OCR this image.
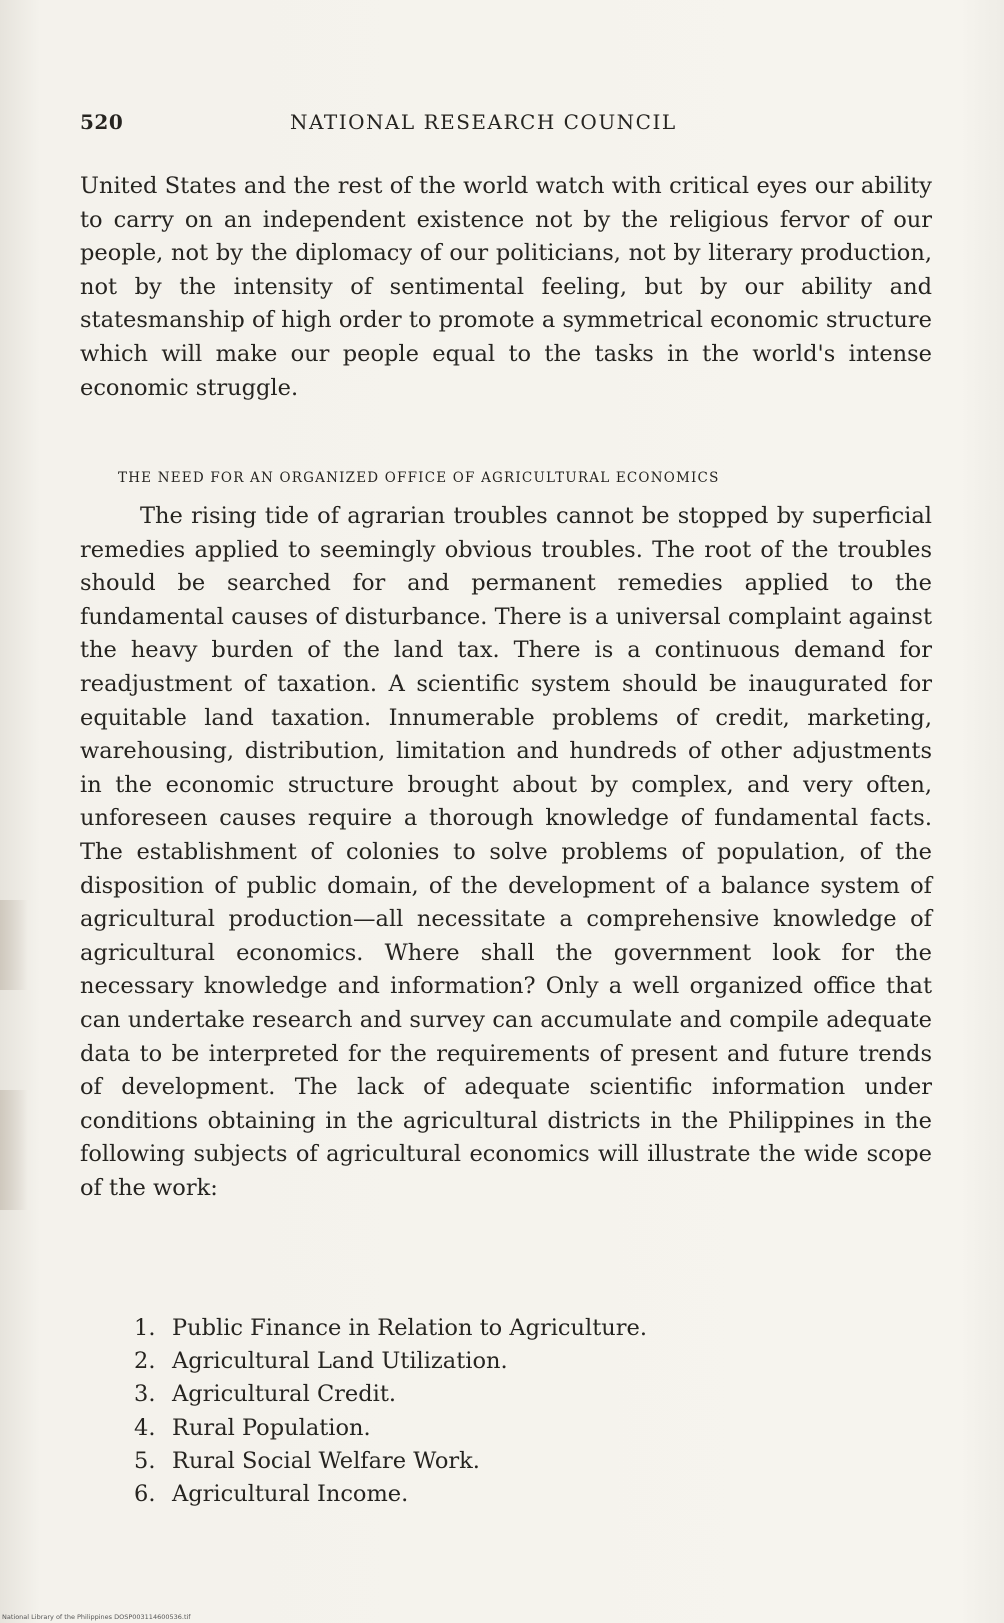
520	NATIONAL RESEARCH COUNCIL

United States and the rest of the world watch with critical eyes our ability to carry on an independent existence not by the religious fervor of our people, not by the diplomacy of our politicians, not by literary production, not by the intensity of sentimental feeling, but by our ability and statesmanship of high order to promote a symmetrical economic structure which will make our people equal to the tasks in the world's intense economic struggle.

THE NEED FOR AN ORGANIZED OFFICE OF AGRICULTURAL ECONOMICS

The rising tide of agrarian troubles cannot be stopped by superficial remedies applied to seemingly obvious troubles. The root of the troubles should be searched for and permanent remedies applied to the fundamental causes of disturbance. There is a universal complaint against the heavy burden of the land tax. There is a continuous demand for readjustment of taxation. A scientific system should be inaugurated for equitable land taxation. Innumerable problems of credit, marketing, warehousing, distribution, limitation and hundreds of other adjustments in the economic structure brought about by complex, and very often, unforeseen causes require a thorough knowledge of fundamental facts. The establishment of colonies to solve problems of population, of the disposition of public domain, of the development of a balance system of agricultural production—all necessitate a comprehensive knowledge of agricultural economics. Where shall the government look for the necessary knowledge and information? Only a well organized office that can undertake research and survey can accumulate and compile adequate data to be interpreted for the requirements of present and future trends of development. The lack of adequate scientific information under conditions obtaining in the agricultural districts in the Philippines in the following subjects of agricultural economics will illustrate the wide scope of the work:

1. Public Finance in Relation to Agriculture.
2. Agricultural Land Utilization.
3. Agricultural Credit.
4. Rural Population.
5. Rural Social Welfare Work.
6. Agricultural Income.
National Library of the Philippines DOSP003114600536.tif
